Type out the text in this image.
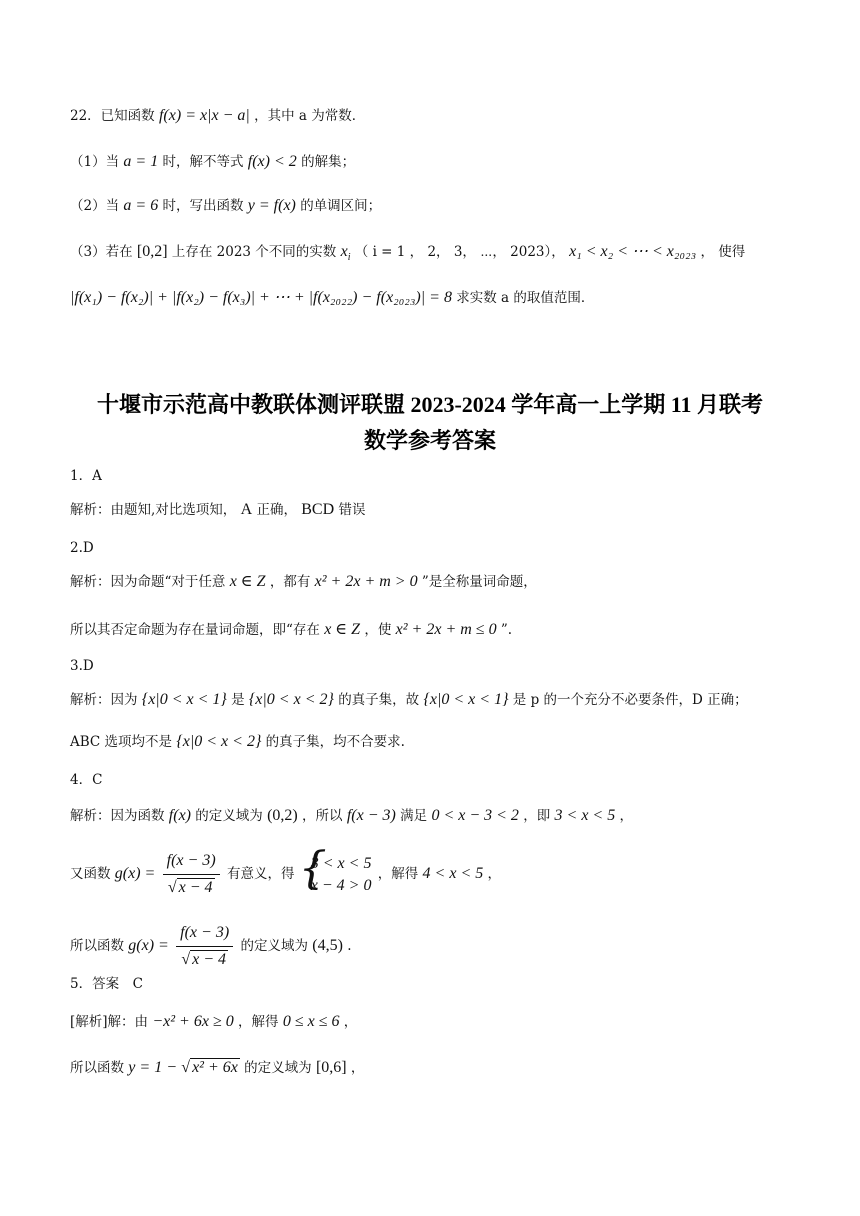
22．已知函数 f(x) = x|x − a| ，其中 a 为常数．
（1）当 a = 1 时，解不等式 f(x) < 2 的解集；
（2）当 a = 6 时，写出函数 y = f(x) 的单调区间；
（3）若在 [0,2] 上存在 2023 个不同的实数 $x_i$ （ i = 1 ， 2， 3， ⋯， 2023）， x₁ < x₂ < ⋯ < x₂₀₂₃ ， 使得
|f(x₁) − f(x₂)| + |f(x₂) − f(x₃)| + ⋯ + |f(x₂₀₂₂) − f(x₂₀₂₃)| = 8 求实数 a 的取值范围．
十堰市示范高中教联体测评联盟 2023-2024 学年高一上学期 11 月联考
数学参考答案
1．A
解析：由题知,对比选项知， A 正确， BCD 错误
2.D
解析：因为命题“对于任意 x ∈ Z ，都有 x² + 2x + m > 0 ”是全称量词命题，
所以其否定命题为存在量词命题，即“存在 x ∈ Z ，使 x² + 2x + m ≤ 0 ”.
3.D
解析：因为 {x|0 < x < 1} 是 {x|0 < x < 2} 的真子集，故 {x|0 < x < 1} 是 p 的一个充分不必要条件，D 正确；
ABC 选项均不是 {x|0 < x < 2} 的真子集，均不合要求.
4．C
解析：因为函数 f(x) 的定义域为 (0,2) ，所以 f(x − 3) 满足 0 < x − 3 < 2 ，即 3 < x < 5 ，
又函数 $g(x) = \frac{f(x - 3)}{√ x - 4}$ 有意义，得
{ 3 < x < 5
x − 4 > 0
，解得 4 < x < 5 ，
所以函数 $g(x) = \frac{f(x - 3)}{√ x - 4}$ 的定义域为 (4,5) .
5．答案　C
[解析]解：由 −x² + 6x ≥ 0 ，解得 0 ≤ x ≤ 6 ，
所以函数 y = 1 − √ x² + 6x 的定义域为 [0,6] ，
